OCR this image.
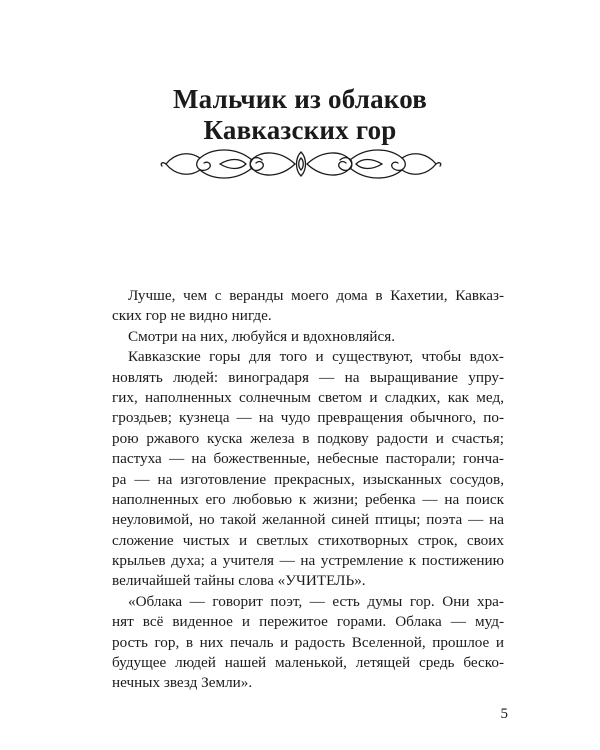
Мальчик из облаков
Кавказских гор
Лучше, чем с веранды моего дома в Кахетии, Кавказ-
ских гор не видно нигде.
Смотри на них, любуйся и вдохновляйся.
Кавказские горы для того и существуют, чтобы вдох-
новлять людей: виноградаря — на выращивание упру-
гих, наполненных солнечным светом и сладких, как мед,
гроздьев; кузнеца — на чудо превращения обычного, по-
рою ржавого куска железа в подкову радости и счастья;
пастуха — на божественные, небесные пасторали; гонча-
ра — на изготовление прекрасных, изысканных сосудов,
наполненных его любовью к жизни; ребенка — на поиск
неуловимой, но такой желанной синей птицы; поэта — на
сложение чистых и светлых стихотворных строк, своих
крыльев духа; а учителя — на устремление к постижению
величайшей тайны слова «УЧИТЕЛЬ».
«Облака — говорит поэт, — есть думы гор. Они хра-
нят всё виденное и пережитое горами. Облака — муд-
рость гор, в них печаль и радость Вселенной, прошлое и
будущее людей нашей маленькой, летящей средь беско-
нечных звезд Земли».
5
